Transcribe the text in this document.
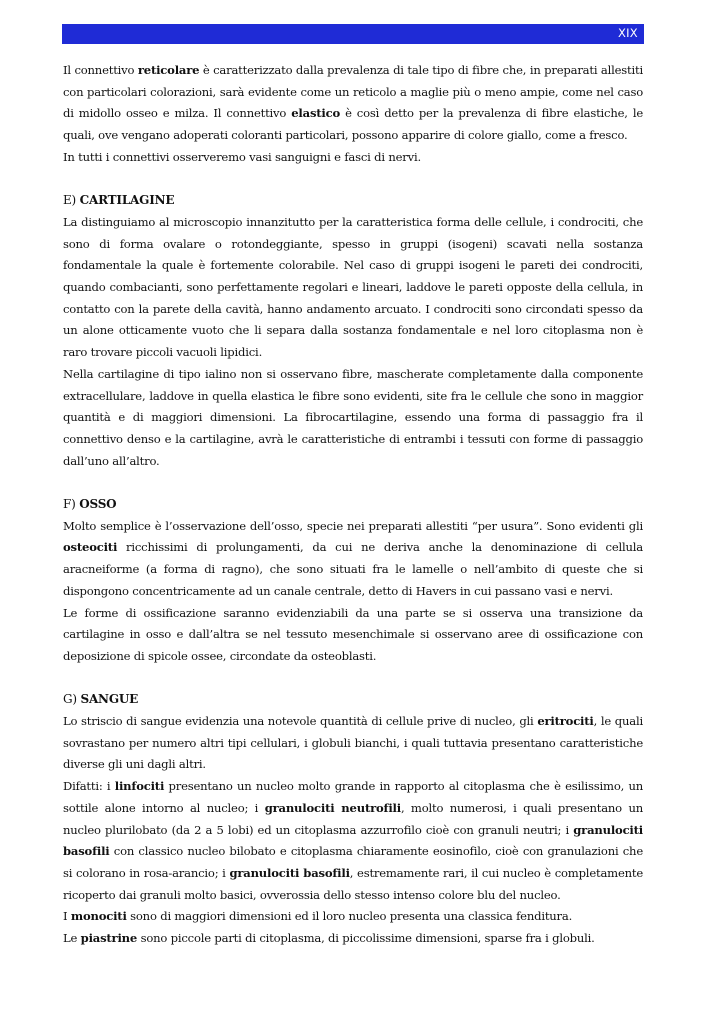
XIX

Il connettivo reticolare è caratterizzato dalla prevalenza di tale tipo di fibre che, in preparati allestiti con particolari colorazioni, sarà evidente come un reticolo a maglie più o meno ampie, come nel caso di midollo osseo e milza. Il connettivo elastico è così detto per la prevalenza di fibre elastiche, le quali, ove vengano adoperati coloranti particolari, possono apparire di colore giallo, come a fresco.

In tutti i connettivi osserveremo vasi sanguigni e fasci di nervi.

E) CARTILAGINE

La distinguiamo al microscopio innanzitutto per la caratteristica forma delle cellule, i condrociti, che sono di forma ovalare o rotondeggiante, spesso in gruppi (isogeni) scavati nella sostanza fondamentale la quale è fortemente colorabile. Nel caso di gruppi isogeni le pareti dei condrociti, quando combacianti, sono perfettamente regolari e lineari, laddove le pareti opposte della cellula, in contatto con la parete della cavità, hanno andamento arcuato. I condrociti sono circondati spesso da un alone otticamente vuoto che li separa dalla sostanza fondamentale e nel loro citoplasma non è raro trovare piccoli vacuoli lipidici.

Nella cartilagine di tipo ialino non si osservano fibre, mascherate completamente dalla componente extracellulare, laddove in quella elastica le fibre sono evidenti, site fra le cellule che sono in maggior quantità e di maggiori dimensioni. La fibrocartilagine, essendo una forma di passaggio fra il connettivo denso e la cartilagine, avrà le caratteristiche di entrambi i tessuti con forme di passaggio dall’uno all’altro.

F) OSSO

Molto semplice è l’osservazione dell’osso, specie nei preparati allestiti “per usura”. Sono evidenti gli osteociti ricchissimi di prolungamenti, da cui ne deriva anche la denominazione di cellula aracneiforme (a forma di ragno), che sono situati fra le lamelle o nell’ambito di queste che si dispongono concentricamente ad un canale centrale, detto di Havers in cui passano vasi e nervi.

Le forme di ossificazione saranno evidenziabili da una parte se si osserva una transizione da cartilagine in osso e dall’altra se nel tessuto mesenchimale si osservano aree di ossificazione con deposizione di spicole ossee, circondate da osteoblasti.

G) SANGUE

Lo striscio di sangue evidenzia una notevole quantità di cellule prive di nucleo, gli eritrociti, le quali sovrastano per numero altri tipi cellulari, i globuli bianchi, i quali tuttavia presentano caratteristiche diverse gli uni dagli altri.

Difatti: i linfociti presentano un nucleo molto grande in rapporto al citoplasma che è esilissimo, un sottile alone intorno al nucleo; i granulociti neutrofili, molto numerosi, i quali presentano un nucleo plurilobato (da 2 a 5 lobi) ed un citoplasma azzurrofilo cioè con granuli neutri; i granulociti basofili con classico nucleo bilobato e citoplasma chiaramente eosinofilo, cioè con granulazioni che si colorano in rosa-arancio; i granulociti basofili, estremamente rari, il cui nucleo è completamente ricoperto dai granuli molto basici, ovverossia dello stesso intenso colore blu del nucleo.

I monociti sono di maggiori dimensioni ed il loro nucleo presenta una classica fenditura.

Le piastrine sono piccole parti di citoplasma, di piccolissime dimensioni, sparse fra i globuli.
